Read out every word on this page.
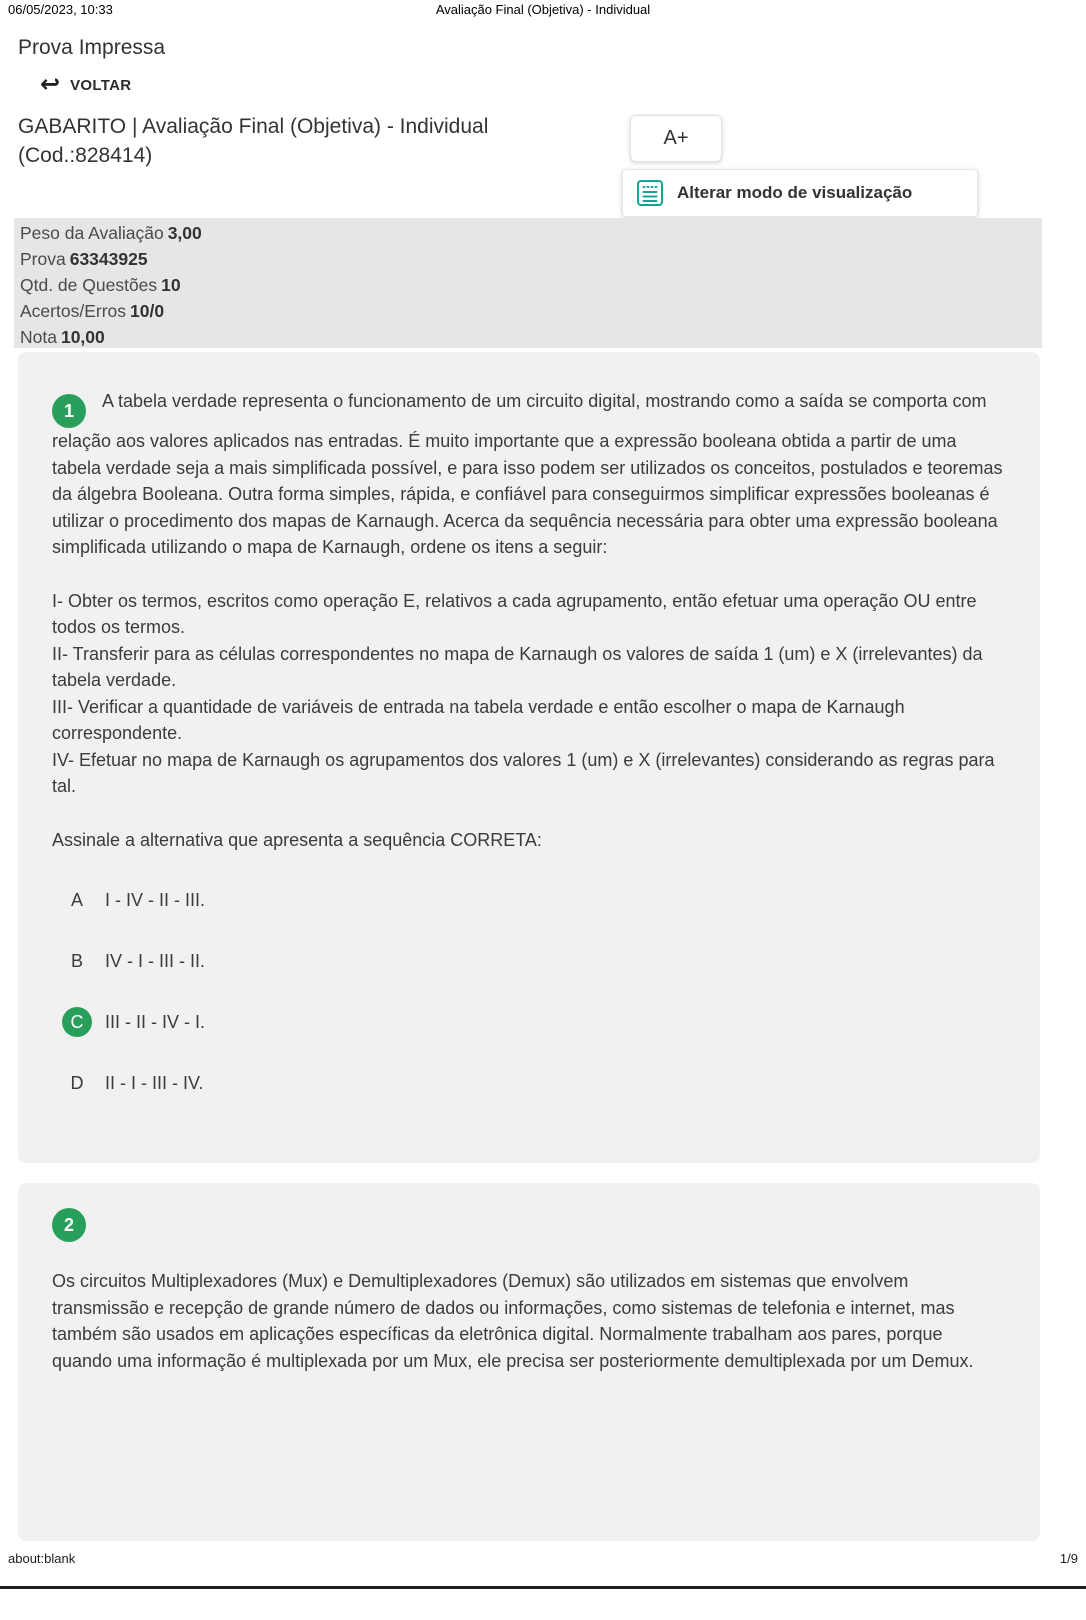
06/05/2023, 10:33	Avaliação Final (Objetiva) - Individual
Prova Impressa
↩ VOLTAR
GABARITO | Avaliação Final (Objetiva) - Individual
(Cod.:828414)
A+
Alterar modo de visualização
Peso da Avaliação 3,00
Prova 63343925
Qtd. de Questões 10
Acertos/Erros 10/0
Nota 10,00

1 A tabela verdade representa o funcionamento de um circuito digital, mostrando como a saída se comporta com relação aos valores aplicados nas entradas. É muito importante que a expressão booleana obtida a partir de uma tabela verdade seja a mais simplificada possível, e para isso podem ser utilizados os conceitos, postulados e teoremas da álgebra Booleana. Outra forma simples, rápida, e confiável para conseguirmos simplificar expressões booleanas é utilizar o procedimento dos mapas de Karnaugh. Acerca da sequência necessária para obter uma expressão booleana simplificada utilizando o mapa de Karnaugh, ordene os itens a seguir:

I- Obter os termos, escritos como operação E, relativos a cada agrupamento, então efetuar uma operação OU entre todos os termos.
II- Transferir para as células correspondentes no mapa de Karnaugh os valores de saída 1 (um) e X (irrelevantes) da tabela verdade.
III- Verificar a quantidade de variáveis de entrada na tabela verdade e então escolher o mapa de Karnaugh correspondente.
IV- Efetuar no mapa de Karnaugh os agrupamentos dos valores 1 (um) e X (irrelevantes) considerando as regras para tal.

Assinale a alternativa que apresenta a sequência CORRETA:

A	I - IV - II - III.
B	IV - I - III - II.
C	III - II - IV - I.
D	II - I - III - IV.
2

Os circuitos Multiplexadores (Mux) e Demultiplexadores (Demux) são utilizados em sistemas que envolvem transmissão e recepção de grande número de dados ou informações, como sistemas de telefonia e internet, mas também são usados em aplicações específicas da eletrônica digital. Normalmente trabalham aos pares, porque quando uma informação é multiplexada por um Mux, ele precisa ser posteriormente demultiplexada por um Demux.

about:blank	1/9
